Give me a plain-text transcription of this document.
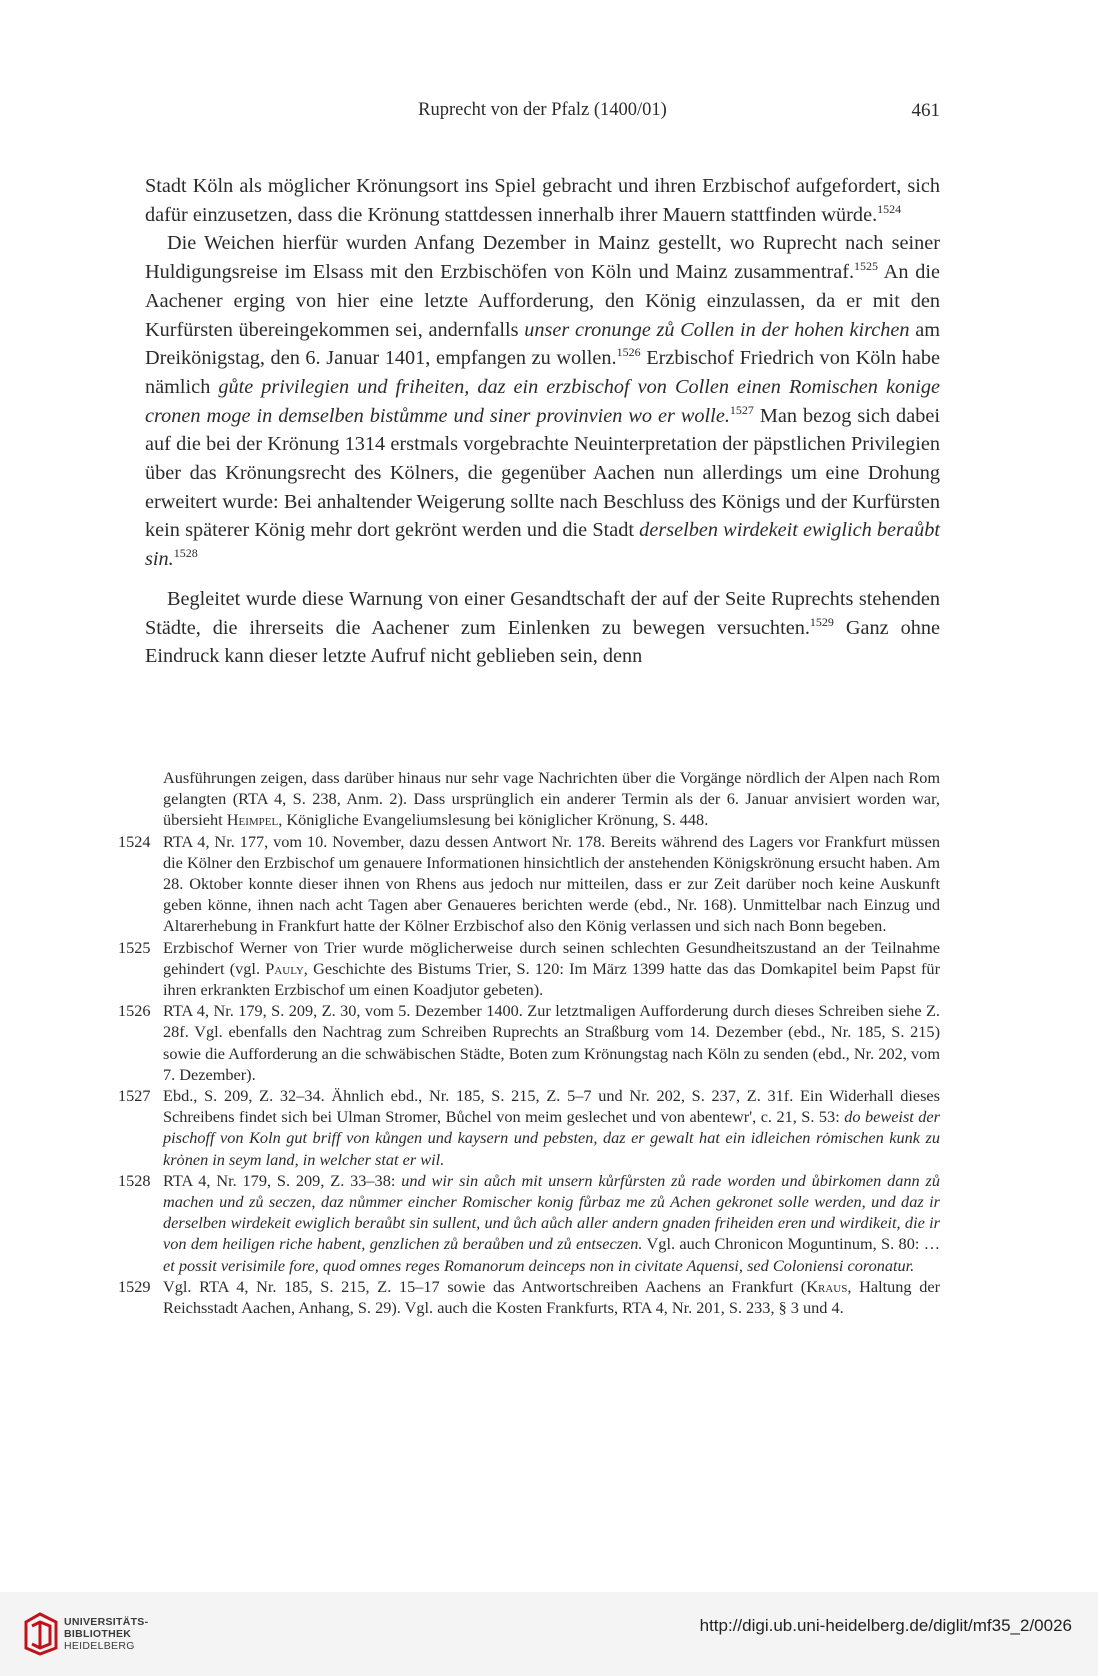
Ruprecht von der Pfalz (1400/01)	461

Stadt Köln als möglicher Krönungsort ins Spiel gebracht und ihren Erzbischof aufgefordert, sich dafür einzusetzen, dass die Krönung stattdessen innerhalb ihrer Mauern stattfinden würde.$^{1524}$

Die Weichen hierfür wurden Anfang Dezember in Mainz gestellt, wo Ruprecht nach seiner Huldigungsreise im Elsass mit den Erzbischöfen von Köln und Mainz zusammentraf.$^{1525}$ An die Aachener erging von hier eine letzte Aufforderung, den König einzulassen, da er mit den Kurfürsten übereingekommen sei, andernfalls unser cronunge zů Collen in der hohen kirchen am Dreikönigstag, den 6. Januar 1401, empfangen zu wollen.$^{1526}$ Erzbischof Friedrich von Köln habe nämlich gůte privilegien und friheiten, daz ein erzbischof von Collen einen Romischen konige cronen moge in demselben bistůmme und siner provinvien wo er wolle.$^{1527}$ Man bezog sich dabei auf die bei der Krönung 1314 erstmals vorgebrachte Neuinterpretation der päpstlichen Privilegien über das Krönungsrecht des Kölners, die gegenüber Aachen nun allerdings um eine Drohung erweitert wurde: Bei anhaltender Weigerung sollte nach Beschluss des Königs und der Kurfürsten kein späterer König mehr dort gekrönt werden und die Stadt derselben wirdekeit ewiglich beraůbt sin.$^{1528}$

Begleitet wurde diese Warnung von einer Gesandtschaft der auf der Seite Ruprechts stehenden Städte, die ihrerseits die Aachener zum Einlenken zu bewegen versuchten.$^{1529}$ Ganz ohne Eindruck kann dieser letzte Aufruf nicht geblieben sein, denn

Ausführungen zeigen, dass darüber hinaus nur sehr vage Nachrichten über die Vorgänge nördlich der Alpen nach Rom gelangten (RTA 4, S. 238, Anm. 2). Dass ursprünglich ein anderer Termin als der 6. Januar anvisiert worden war, übersieht Heimpel, Königliche Evangeliumslesung bei königlicher Krönung, S. 448.

1524 RTA 4, Nr. 177, vom 10. November, dazu dessen Antwort Nr. 178. Bereits während des Lagers vor Frankfurt müssen die Kölner den Erzbischof um genauere Informationen hinsichtlich der anstehenden Königskrönung ersucht haben. Am 28. Oktober konnte dieser ihnen von Rhens aus jedoch nur mitteilen, dass er zur Zeit darüber noch keine Auskunft geben könne, ihnen nach acht Tagen aber Genaueres berichten werde (ebd., Nr. 168). Unmittelbar nach Einzug und Altarerhebung in Frankfurt hatte der Kölner Erzbischof also den König verlassen und sich nach Bonn begeben.

1525 Erzbischof Werner von Trier wurde möglicherweise durch seinen schlechten Gesundheitszustand an der Teilnahme gehindert (vgl. Pauly, Geschichte des Bistums Trier, S. 120: Im März 1399 hatte das das Domkapitel beim Papst für ihren erkrankten Erzbischof um einen Koadjutor gebeten).

1526 RTA 4, Nr. 179, S. 209, Z. 30, vom 5. Dezember 1400. Zur letztmaligen Aufforderung durch dieses Schreiben siehe Z. 28f. Vgl. ebenfalls den Nachtrag zum Schreiben Ruprechts an Straßburg vom 14. Dezember (ebd., Nr. 185, S. 215) sowie die Aufforderung an die schwäbischen Städte, Boten zum Krönungstag nach Köln zu senden (ebd., Nr. 202, vom 7. Dezember).

1527 Ebd., S. 209, Z. 32–34. Ähnlich ebd., Nr. 185, S. 215, Z. 5–7 und Nr. 202, S. 237, Z. 31f. Ein Widerhall dieses Schreibens findet sich bei Ulman Stromer, Bůchel von meim geslechet und von abentewr', c. 21, S. 53: do beweist der pischoff von Koln gut briff von kůngen und kaysern und pebsten, daz er gewalt hat ein idleichen rȯmischen kunk zu krȯnen in seym land, in welcher stat er wil.

1528 RTA 4, Nr. 179, S. 209, Z. 33–38: und wir sin aůch mit unsern kůrfůrsten zů rade worden und ůbirkomen dann zů machen und zů seczen, daz nůmmer eincher Romischer konig fůrbaz me zů Achen gekronet solle werden, und daz ir derselben wirdekeit ewiglich beraůbt sin sullent, und ůch aůch aller andern gnaden friheiden eren und wirdikeit, die ir von dem heiligen riche habent, genzlichen zů beraůben und zů entseczen. Vgl. auch Chronicon Moguntinum, S. 80: … et possit verisimile fore, quod omnes reges Romanorum deinceps non in civitate Aquensi, sed Coloniensi coronatur.

1529 Vgl. RTA 4, Nr. 185, S. 215, Z. 15–17 sowie das Antwortschreiben Aachens an Frankfurt (Kraus, Haltung der Reichsstadt Aachen, Anhang, S. 29). Vgl. auch die Kosten Frankfurts, RTA 4, Nr. 201, S. 233, § 3 und 4.

UNIVERSITÄTS-
BIBLIOTHEK
HEIDELBERG
http://digi.ub.uni-heidelberg.de/diglit/mf35_2/0026
